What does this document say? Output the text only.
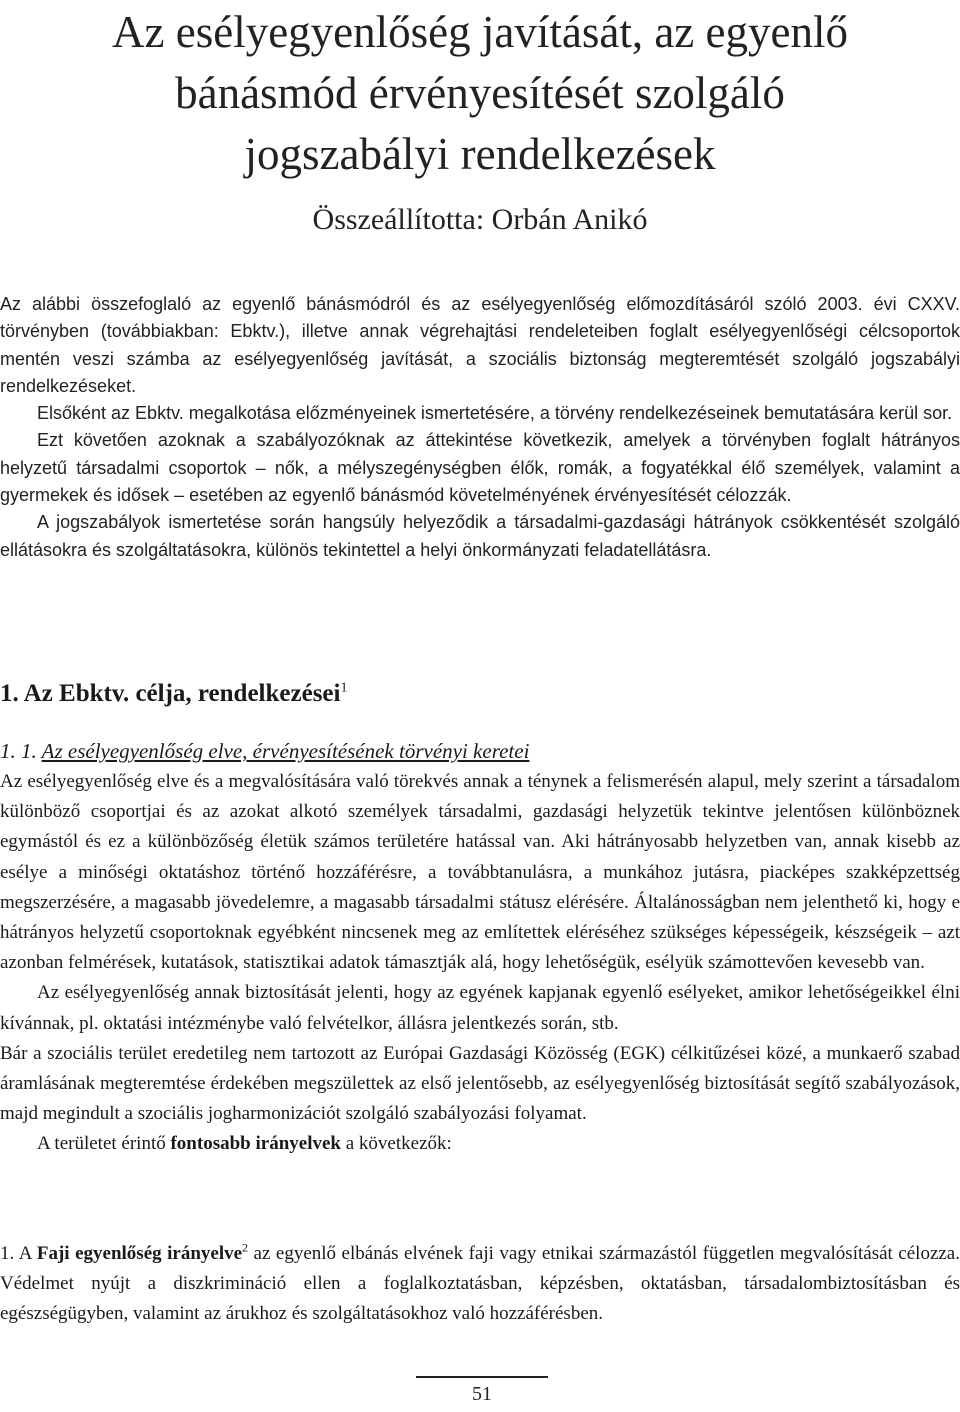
Az esélyegyenlőség javítását, az egyenlő
bánásmód érvényesítését szolgáló
jogszabályi rendelkezések
Összeállította: Orbán Anikó

Az alábbi összefoglaló az egyenlő bánásmódról és az esélyegyenlőség előmozdításáról szóló 2003. évi CXXV. törvényben (továbbiakban: Ebktv.), illetve annak végrehajtási rendeleteiben foglalt esélyegyenlőségi célcsoportok mentén veszi számba az esélyegyenlőség javítását, a szociális biztonság megteremtését szolgáló jogszabályi rendelkezéseket.

Elsőként az Ebktv. megalkotása előzményeinek ismertetésére, a törvény rendelkezéseinek bemutatására kerül sor.

Ezt követően azoknak a szabályozóknak az áttekintése következik, amelyek a törvényben foglalt hátrányos helyzetű társadalmi csoportok – nők, a mélyszegénységben élők, romák, a fogyatékkal élő személyek, valamint a gyermekek és idősek – esetében az egyenlő bánásmód követelményének érvényesítését célozzák.

A jogszabályok ismertetése során hangsúly helyeződik a társadalmi-gazdasági hátrányok csökkentését szolgáló ellátásokra és szolgáltatásokra, különös tekintettel a helyi önkormányzati feladatellátásra.

1. Az Ebktv. célja, rendelkezései$^1$
1. 1. Az esélyegyenlőség elve, érvényesítésének törvényi keretei

Az esélyegyenlőség elve és a megvalósítására való törekvés annak a ténynek a felismerésén alapul, mely szerint a társadalom különböző csoportjai és az azokat alkotó személyek társadalmi, gazdasági helyzetük tekintve jelentősen különböznek egymástól és ez a különbözőség életük számos területére hatással van. Aki hátrányosabb helyzetben van, annak kisebb az esélye a minőségi oktatáshoz történő hozzáférésre, a továbbtanulásra, a munkához jutásra, piacképes szakképzettség megszerzésére, a magasabb jövedelemre, a magasabb társadalmi státusz elérésére. Általánosságban nem jelenthető ki, hogy e hátrányos helyzetű csoportoknak egyébként nincsenek meg az említettek eléréséhez szükséges képességeik, készségeik – azt azonban felmérések, kutatások, statisztikai adatok támasztják alá, hogy lehetőségük, esélyük számottevően kevesebb van.

Az esélyegyenlőség annak biztosítását jelenti, hogy az egyének kapjanak egyenlő esélyeket, amikor lehetőségeikkel élni kívánnak, pl. oktatási intézménybe való felvételkor, állásra jelentkezés során, stb.

Bár a szociális terület eredetileg nem tartozott az Európai Gazdasági Közösség (EGK) célkitűzései közé, a munkaerő szabad áramlásának megteremtése érdekében megszülettek az első jelentősebb, az esélyegyenlőség biztosítását segítő szabályozások, majd megindult a szociális jogharmonizációt szolgáló szabályozási folyamat.

A területet érintő fontosabb irányelvek a következők:

1. A Faji egyenlőség irányelve$^2$ az egyenlő elbánás elvének faji vagy etnikai származástól független megvalósítását célozza. Védelmet nyújt a diszkrimináció ellen a foglalkoztatásban, képzésben, oktatásban, társadalombiztosításban és egészségügyben, valamint az árukhoz és szolgáltatásokhoz való hozzáférésben.

51
